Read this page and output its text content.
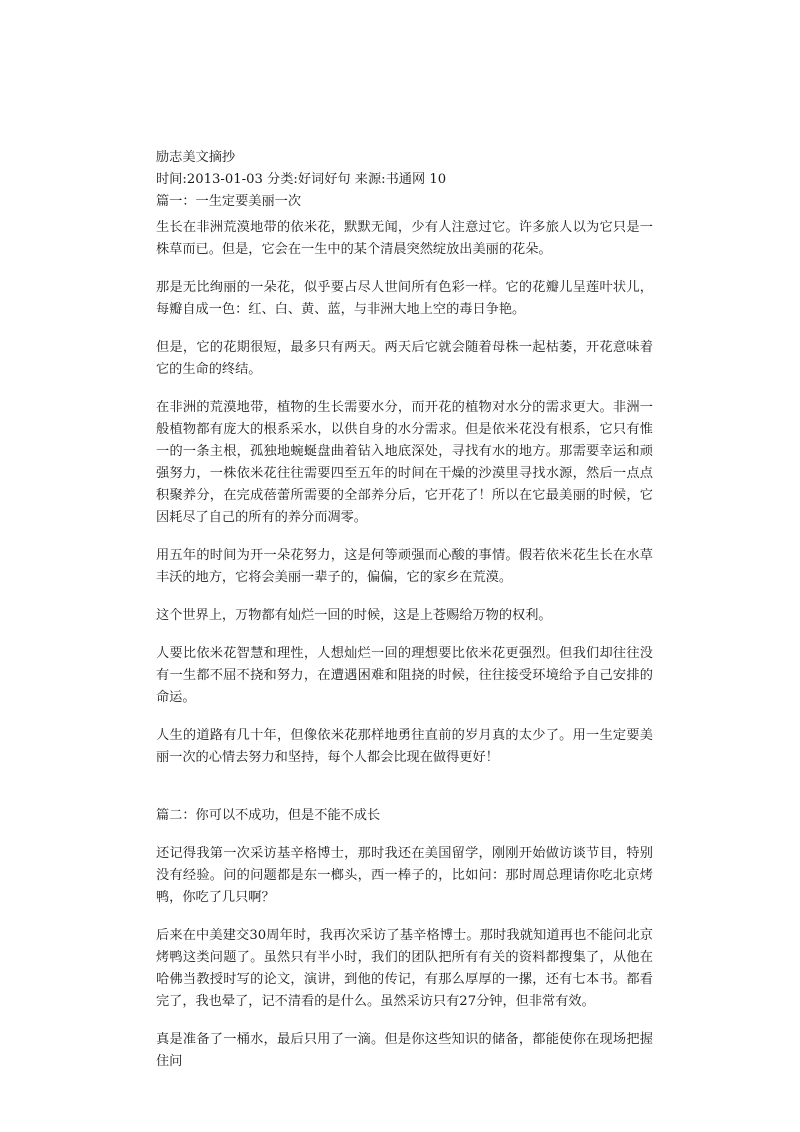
励志美文摘抄

时间:2013-01-03 分类:好词好句 来源:书通网 10

篇一：一生定要美丽一次

生长在非洲荒漠地带的依米花，默默无闻，少有人注意过它。许多旅人以为它只是一株草而已。但是，它会在一生中的某个清晨突然绽放出美丽的花朵。

那是无比绚丽的一朵花，似乎要占尽人世间所有色彩一样。它的花瓣儿呈莲叶状儿，每瓣自成一色：红、白、黄、蓝，与非洲大地上空的毒日争艳。

但是，它的花期很短，最多只有两天。两天后它就会随着母株一起枯萎，开花意味着它的生命的终结。

在非洲的荒漠地带，植物的生长需要水分，而开花的植物对水分的需求更大。非洲一般植物都有庞大的根系采水，以供自身的水分需求。但是依米花没有根系，它只有惟一的一条主根，孤独地蜿蜒盘曲着钻入地底深处，寻找有水的地方。那需要幸运和顽强努力，一株依米花往往需要四至五年的时间在干燥的沙漠里寻找水源，然后一点点积聚养分，在完成蓓蕾所需要的全部养分后，它开花了！所以在它最美丽的时候，它因耗尽了自己的所有的养分而凋零。

用五年的时间为开一朵花努力，这是何等顽强而心酸的事情。假若依米花生长在水草丰沃的地方，它将会美丽一辈子的，偏偏，它的家乡在荒漠。

这个世界上，万物都有灿烂一回的时候，这是上苍赐给万物的权利。

人要比依米花智慧和理性，人想灿烂一回的理想要比依米花更强烈。但我们却往往没有一生都不屈不挠和努力，在遭遇困难和阻挠的时候，往往接受环境给予自己安排的命运。

人生的道路有几十年，但像依米花那样地勇往直前的岁月真的太少了。用一生定要美丽一次的心情去努力和坚持，每个人都会比现在做得更好！

篇二：你可以不成功，但是不能不成长

还记得我第一次采访基辛格博士，那时我还在美国留学，刚刚开始做访谈节目，特别没有经验。问的问题都是东一榔头，西一棒子的，比如问：那时周总理请你吃北京烤鸭，你吃了几只啊？

后来在中美建交30周年时，我再次采访了基辛格博士。那时我就知道再也不能问北京烤鸭这类问题了。虽然只有半小时，我们的团队把所有有关的资料都搜集了，从他在哈佛当教授时写的论文，演讲，到他的传记，有那么厚厚的一摞，还有七本书。都看完了，我也晕了，记不清看的是什么。虽然采访只有27分钟，但非常有效。

真是准备了一桶水，最后只用了一滴。但是你这些知识的储备，都能使你在现场把握住问
